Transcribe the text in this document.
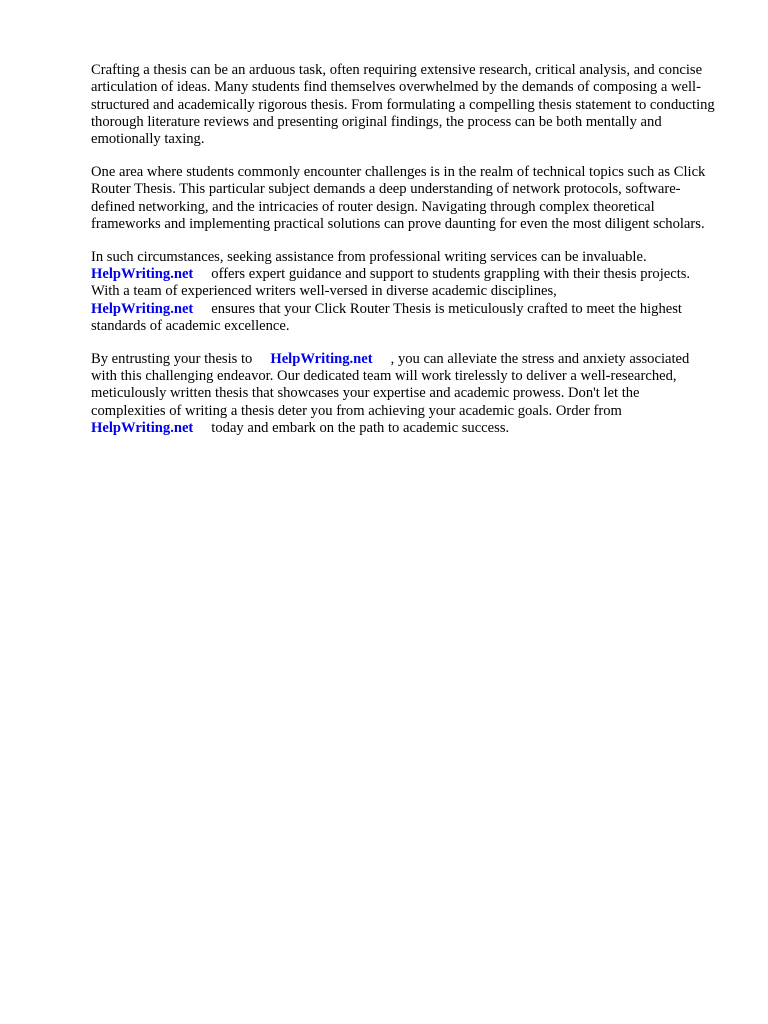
Crafting a thesis can be an arduous task, often requiring extensive research, critical analysis, and concise articulation of ideas. Many students find themselves overwhelmed by the demands of composing a well-structured and academically rigorous thesis. From formulating a compelling thesis statement to conducting thorough literature reviews and presenting original findings, the process can be both mentally and emotionally taxing.

One area where students commonly encounter challenges is in the realm of technical topics such as Click Router Thesis. This particular subject demands a deep understanding of network protocols, software-defined networking, and the intricacies of router design. Navigating through complex theoretical frameworks and implementing practical solutions can prove daunting for even the most diligent scholars.

In such circumstances, seeking assistance from professional writing services can be invaluable.
HelpWriting.net offers expert guidance and support to students grappling with their thesis projects. With a team of experienced writers well-versed in diverse academic disciplines,
HelpWriting.net ensures that your Click Router Thesis is meticulously crafted to meet the highest standards of academic excellence.

By entrusting your thesis to HelpWriting.net , you can alleviate the stress and anxiety associated with this challenging endeavor. Our dedicated team will work tirelessly to deliver a well-researched, meticulously written thesis that showcases your expertise and academic prowess. Don't let the complexities of writing a thesis deter you from achieving your academic goals. Order from
HelpWriting.net today and embark on the path to academic success.
